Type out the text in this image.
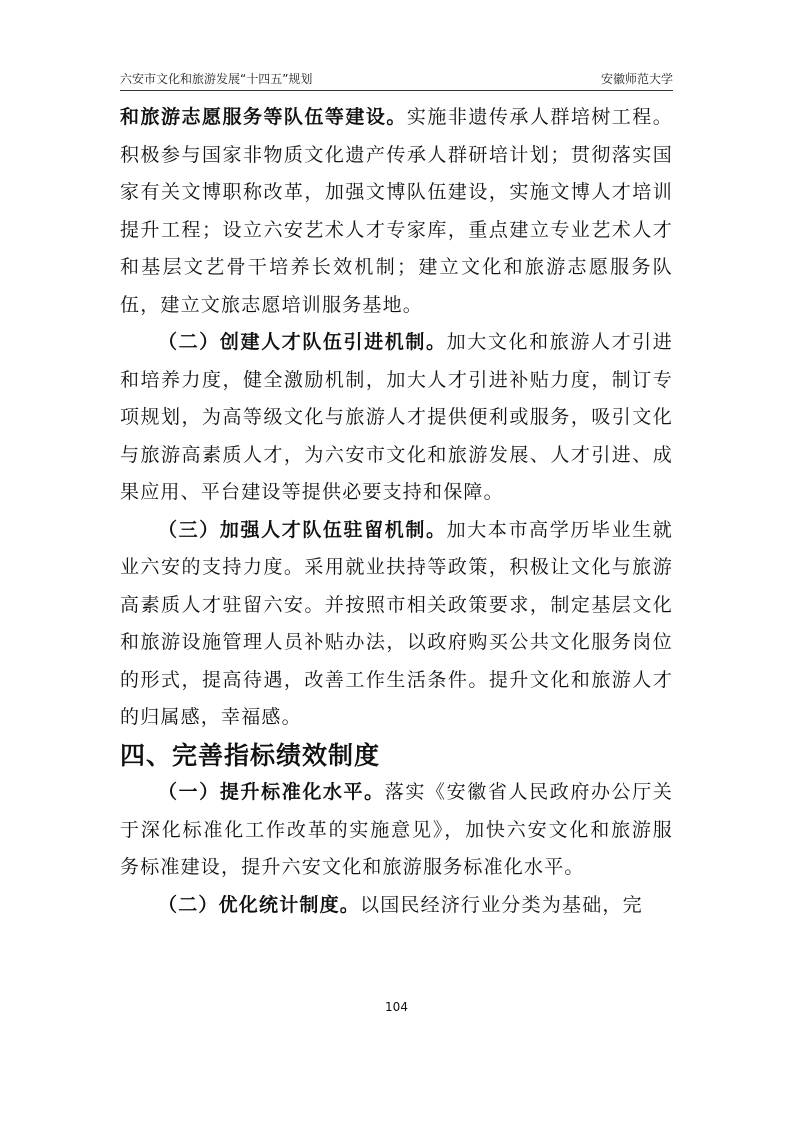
六安市文化和旅游发展“十四五”规划	安徽师范大学

和旅游志愿服务等队伍等建设。实施非遗传承人群培树工程。积极参与国家非物质文化遗产传承人群研培计划；贯彻落实国家有关文博职称改革，加强文博队伍建设，实施文博人才培训提升工程；设立六安艺术人才专家库，重点建立专业艺术人才和基层文艺骨干培养长效机制；建立文化和旅游志愿服务队伍，建立文旅志愿培训服务基地。

（二）创建人才队伍引进机制。加大文化和旅游人才引进和培养力度，健全激励机制，加大人才引进补贴力度，制订专项规划，为高等级文化与旅游人才提供便利或服务，吸引文化与旅游高素质人才，为六安市文化和旅游发展、人才引进、成果应用、平台建设等提供必要支持和保障。

（三）加强人才队伍驻留机制。加大本市高学历毕业生就业六安的支持力度。采用就业扶持等政策，积极让文化与旅游高素质人才驻留六安。并按照市相关政策要求，制定基层文化和旅游设施管理人员补贴办法，以政府购买公共文化服务岗位的形式，提高待遇，改善工作生活条件。提升文化和旅游人才的归属感，幸福感。

四、完善指标绩效制度

（一）提升标准化水平。落实《安徽省人民政府办公厅关于深化标准化工作改革的实施意见》，加快六安文化和旅游服务标准建设，提升六安文化和旅游服务标准化水平。

（二）优化统计制度。以国民经济行业分类为基础，完

104
